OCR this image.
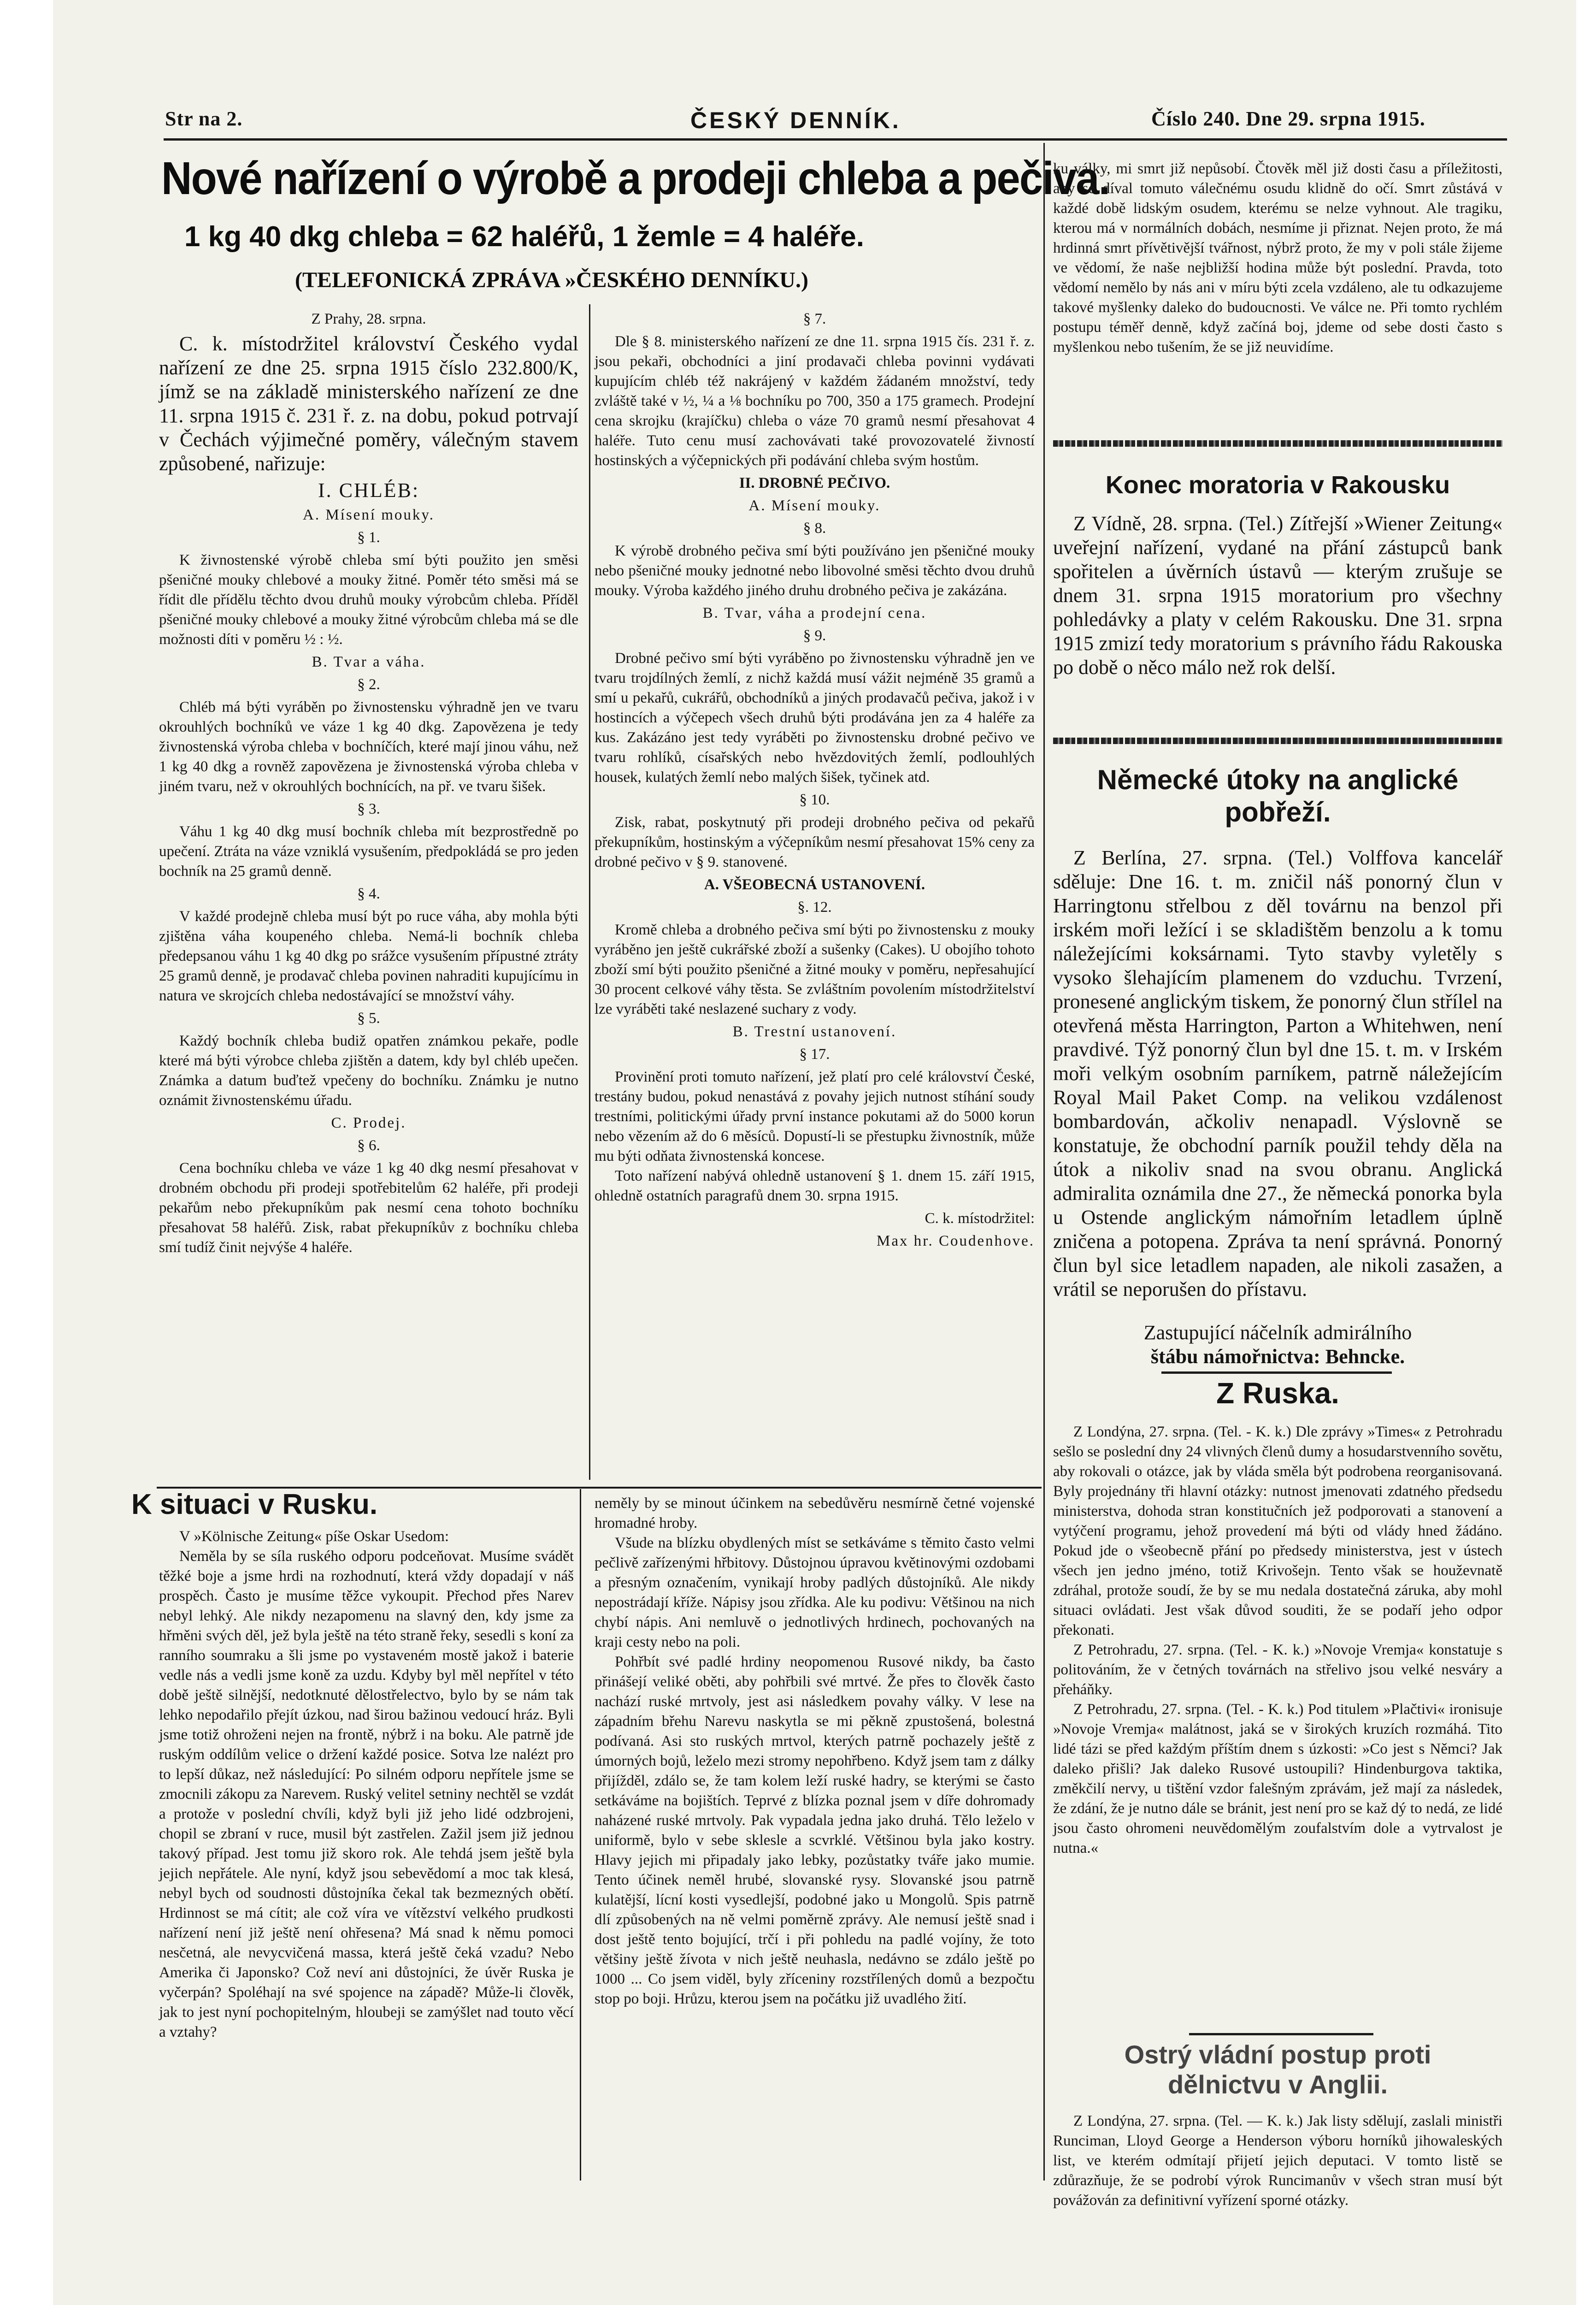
Str na 2.	ČESKÝ DENNÍK.	Číslo 240. Dne 29. srpna 1915.
Nové nařízení o výrobě a prodeji chleba a pečiva.
1 kg 40 dkg chleba = 62 haléřů, 1 žemle = 4 haléře.
(TELEFONICKÁ ZPRÁVA »ČESKÉHO DENNÍKU.)

Z Prahy, 28. srpna.

C. k. místodržitel království Českého vydal nařízení ze dne 25. srpna 1915 číslo 232.800/K, jímž se na základě ministerského nařízení ze dne 11. srpna 1915 č. 231 ř. z. na dobu, pokud potrvají v Čechách výjimečné poměry, válečným stavem způsobené, nařizuje:

I. CHLÉB:

A. Mísení mouky.

§ 1.

K živnostenské výrobě chleba smí býti použito jen směsi pšeničné mouky chlebové a mouky žitné. Poměr této směsi má se řídit dle přídělu těchto dvou druhů mouky výrobcům chleba. Příděl pšeničné mouky chlebové a mouky žitné výrobcům chleba má se dle možnosti díti v poměru ½ : ½.

B. Tvar a váha.

§ 2.

Chléb má býti vyráběn po živnostensku výhradně jen ve tvaru okrouhlých bochníků ve váze 1 kg 40 dkg. Zapovězena je tedy živnostenská výroba chleba v bochníčích, které mají jinou váhu, než 1 kg 40 dkg a rovněž zapovězena je živnostenská výroba chleba v jiném tvaru, než v okrouhlých bochnících, na př. ve tvaru šišek.

§ 3.

Váhu 1 kg 40 dkg musí bochník chleba mít bezprostředně po upečení. Ztráta na váze vzniklá vysušením, předpokládá se pro jeden bochník na 25 gramů denně.

§ 4.

V každé prodejně chleba musí být po ruce váha, aby mohla býti zjištěna váha koupeného chleba. Nemá-li bochník chleba předepsanou váhu 1 kg 40 dkg po srážce vysušením přípustné ztráty 25 gramů denně, je prodavač chleba povinen nahraditi kupujícímu in natura ve skrojcích chleba nedostávající se množství váhy.

§ 5.

Každý bochník chleba budiž opatřen známkou pekaře, podle které má býti výrobce chleba zjištěn a datem, kdy byl chléb upečen. Známka a datum buďtež vpečeny do bochníku. Známku je nutno oznámit živnostenskému úřadu.

C. Prodej.

§ 6.

Cena bochníku chleba ve váze 1 kg 40 dkg nesmí přesahovat v drobném obchodu při prodeji spotřebitelům 62 haléře, při prodeji pekařům nebo překupníkům pak nesmí cena tohoto bochníku přesahovat 58 haléřů. Zisk, rabat překupníkův z bochníku chleba smí tudíž činit nejvýše 4 haléře.

§ 7.

Dle § 8. ministerského nařízení ze dne 11. srpna 1915 čís. 231 ř. z. jsou pekaři, obchodníci a jiní prodavači chleba povinni vydávati kupujícím chléb též nakrájený v každém žádaném množství, tedy zvláště také v ½, ¼ a ⅛ bochníku po 700, 350 a 175 gramech. Prodejní cena skrojku (krajíčku) chleba o váze 70 gramů nesmí přesahovat 4 haléře. Tuto cenu musí zachovávati také provozovatelé živností hostinských a výčepnických při podávání chleba svým hostům.

II. DROBNÉ PEČIVO.

A. Mísení mouky.

§ 8.

K výrobě drobného pečiva smí býti používáno jen pšeničné mouky nebo pšeničné mouky jednotné nebo libovolné směsi těchto dvou druhů mouky. Výroba každého jiného druhu drobného pečiva je zakázána.

B. Tvar, váha a prodejní cena.

§ 9.

Drobné pečivo smí býti vyráběno po živnostensku výhradně jen ve tvaru trojdílných žemlí, z nichž každá musí vážit nejméně 35 gramů a smí u pekařů, cukrářů, obchodníků a jiných prodavačů pečiva, jakož i v hostincích a výčepech všech druhů býti prodávána jen za 4 haléře za kus. Zakázáno jest tedy vyráběti po živnostensku drobné pečivo ve tvaru rohlíků, císařských nebo hvězdovitých žemlí, podlouhlých housek, kulatých žemlí nebo malých šišek, tyčinek atd.

§ 10.

Zisk, rabat, poskytnutý při prodeji drobného pečiva od pekařů překupníkům, hostinským a výčepníkům nesmí přesahovat 15% ceny za drobné pečivo v § 9. stanovené.

A. VŠEOBECNÁ USTANOVENÍ.

§. 12.

Kromě chleba a drobného pečiva smí býti po živnostensku z mouky vyráběno jen ještě cukrářské zboží a sušenky (Cakes). U obojího tohoto zboží smí býti použito pšeničné a žitné mouky v poměru, nepřesahující 30 procent celkové váhy těsta. Se zvláštním povolením místodržitelství lze vyráběti také neslazené suchary z vody.

B. Trestní ustanovení.

§ 17.

Provinění proti tomuto nařízení, jež platí pro celé království České, trestány budou, pokud nenastává z povahy jejich nutnost stíhání soudy trestními, politickými úřady první instance pokutami až do 5000 korun nebo vězením až do 6 měsíců. Dopustí-li se přestupku živnostník, může mu býti odňata živnostenská koncese.

Toto nařízení nabývá ohledně ustanovení § 1. dnem 15. září 1915, ohledně ostatních paragrafů dnem 30. srpna 1915.

C. k. místodržitel:

Max hr. Coudenhove.

K situaci v Rusku.

V »Kölnische Zeitung« píše Oskar Usedom:

Neměla by se síla ruského odporu podceňovat. Musíme svádět těžké boje a jsme hrdi na rozhodnutí, která vždy dopadají v náš prospěch. Často je musíme těžce vykoupit. Přechod přes Narev nebyl lehký. Ale nikdy nezapomenu na slavný den, kdy jsme za hřměni svých děl, jež byla ještě na této straně řeky, sesedli s koní za ranního soumraku a šli jsme po vystaveném mostě jakož i baterie vedle nás a vedli jsme koně za uzdu. Kdyby byl měl nepřítel v této době ještě silnější, nedotknuté dělostřelectvo, bylo by se nám tak lehko nepodařilo přejít úzkou, nad širou bažinou vedoucí hráz. Byli jsme totiž ohroženi nejen na frontě, nýbrž i na boku. Ale patrně jde ruským oddílům velice o držení každé posice. Sotva lze nalézt pro to lepší důkaz, než následující: Po silném odporu nepřítele jsme se zmocnili zákopu za Narevem. Ruský velitel setniny nechtěl se vzdát a protože v poslední chvíli, když byli již jeho lidé odzbrojeni, chopil se zbraní v ruce, musil být zastřelen. Zažil jsem již jednou takový případ. Jest tomu již skoro rok. Ale tehdá jsem ještě byla jejich nepřátele. Ale nyní, když jsou sebevědomí a moc tak klesá, nebyl bych od soudnosti důstojníka čekal tak bezmezných obětí. Hrdinnost se má cítit; ale což víra ve vítězství velkého prudkosti nařízení není již ještě není ohřesena? Má snad k němu pomoci nesčetná, ale nevycvičená massa, která ještě čeká vzadu? Nebo Amerika či Japonsko? Což neví ani důstojníci, že úvěr Ruska je vyčerpán? Spoléhají na své spojence na západě? Může-li člověk, jak to jest nyní pochopitelným, hloubeji se zamýšlet nad touto věcí a vztahy?

neměly by se minout účinkem na sebedůvěru nesmírně četné vojenské hromadné hroby.

Všude na blízku obydlených míst se setkáváme s těmito často velmi pečlivě zařízenými hřbitovy. Důstojnou úpravou květinovými ozdobami a přesným označením, vynikají hroby padlých důstojníků. Ale nikdy nepostrádají kříže. Nápisy jsou zřídka. Ale ku podivu: Většinou na nich chybí nápis. Ani nemluvě o jednotlivých hrdinech, pochovaných na kraji cesty nebo na poli.

Pohřbít své padlé hrdiny neopomenou Rusové nikdy, ba často přinášejí veliké oběti, aby pohřbili své mrtvé. Že přes to člověk často nachází ruské mrtvoly, jest asi následkem povahy války. V lese na západním břehu Narevu naskytla se mi pěkně zpustošená, bolestná podívaná. Asi sto ruských mrtvol, kterých patrně pochazely ještě z úmorných bojů, leželo mezi stromy nepohřbeno. Když jsem tam z dálky přijížděl, zdálo se, že tam kolem leží ruské hadry, se kterými se často setkáváme na bojištích. Teprvé z blízka poznal jsem v díře dohromady naházené ruské mrtvoly. Pak vypadala jedna jako druhá. Tělo leželo v uniformě, bylo v sebe sklesle a scvrklé. Většinou byla jako kostry. Hlavy jejich mi připadaly jako lebky, pozůstatky tváře jako mumie. Tento účinek neměl hrubé, slovanské rysy. Slovanské jsou patrně kulatější, lícní kosti vysedlejší, podobné jako u Mongolů. Spis patrně dlí způsobených na ně velmi poměrně zprávy. Ale nemusí ještě snad i dost ještě tento bojující, trčí i při pohledu na padlé vojíny, že toto většiny ještě žívota v nich ještě neuhasla, nedávno se zdálo ještě po 1000 ... Co jsem viděl, byly zříceniny rozstřílených domů a bezpočtu stop po boji. Hrůzu, kterou jsem na počátku již uvadlého žití.

ku války, mi smrt již nepůsobí. Čtověk měl již dosti času a příležitosti, aby se díval tomuto válečnému osudu klidně do očí. Smrt zůstává v každé době lidským osudem, kterému se nelze vyhnout. Ale tragiku, kterou má v normálních dobách, nesmíme ji přiznat. Nejen proto, že má hrdinná smrt přívětivější tvářnost, nýbrž proto, že my v poli stále žijeme ve vědomí, že naše nejbližší hodina může být poslední. Pravda, toto vědomí nemělo by nás ani v míru býti zcela vzdáleno, ale tu odkazujeme takové myšlenky daleko do budoucnosti. Ve válce ne. Při tomto rychlém postupu téměř denně, když začíná boj, jdeme od sebe dosti často s myšlenkou nebo tušením, že se již neuvidíme.

Konec moratoria v Rakousku

Z Vídně, 28. srpna. (Tel.) Zítřejší »Wiener Zeitung« uveřejní nařízení, vydané na přání zástupců bank spořitelen a úvěrních ústavů — kterým zrušuje se dnem 31. srpna 1915 moratorium pro všechny pohledávky a platy v celém Rakousku. Dne 31. srpna 1915 zmizí tedy moratorium s právního řádu Rakouska po době o něco málo než rok delší.

Německé útoky na anglické
pobřeží.

Z Berlína, 27. srpna. (Tel.) Volffova kancelář sděluje: Dne 16. t. m. zničil náš ponorný člun v Harringtonu střelbou z děl továrnu na benzol při irském moři ležící i se skladištěm benzolu a k tomu náležejícími koksárnami. Tyto stavby vyletěly s vysoko šlehajícím plamenem do vzduchu. Tvrzení, pronesené anglickým tiskem, že ponorný člun střílel na otevřená města Harrington, Parton a Whitehwen, není pravdivé. Týž ponorný člun byl dne 15. t. m. v Irském moři velkým osobním parníkem, patrně náležejícím Royal Mail Paket Comp. na velikou vzdálenost bombardován, ačkoliv nenapadl. Výslovně se konstatuje, že obchodní parník použil tehdy děla na útok a nikoliv snad na svou obranu. Anglická admiralita oznámila dne 27., že německá ponorka byla u Ostende anglickým námořním letadlem úplně zničena a potopena. Zpráva ta není správná. Ponorný člun byl sice letadlem napaden, ale nikoli zasažen, a vrátil se neporušen do přístavu.

Zastupující náčelník admirálního

štábu námořnictva: Behncke.

Z Ruska.

Z Londýna, 27. srpna. (Tel. - K. k.) Dle zprávy »Times« z Petrohradu sešlo se poslední dny 24 vlivných členů dumy a hosudarstvenního sovětu, aby rokovali o otázce, jak by vláda směla být podrobena reorganisovaná. Byly projednány tři hlavní otázky: nutnost jmenovati zdatného předsedu ministerstva, dohoda stran konstitučních jež podporovati a stanovení a vytýčení programu, jehož provedení má býti od vlády hned žádáno. Pokud jde o všeobecně přání po předsedy ministerstva, jest v ústech všech jen jedno jméno, totiž Krivošejn. Tento však se houževnatě zdráhal, protože soudí, že by se mu nedala dostatečná záruka, aby mohl situaci ovládati. Jest však důvod souditi, že se podaří jeho odpor překonati.

Z Petrohradu, 27. srpna. (Tel. - K. k.) »Novoje Vremja« konstatuje s politováním, že v četných továrnách na střelivo jsou velké nesváry a přeháňky.

Z Petrohradu, 27. srpna. (Tel. - K. k.) Pod titulem »Plačtivi« ironisuje »Novoje Vremja« malátnost, jaká se v širokých kruzích rozmáhá. Tito lidé tázi se před každým příštím dnem s úzkosti: »Co jest s Němci? Jak daleko přišli? Jak daleko Rusové ustoupili? Hindenburgova taktika, změkčilí nervy, u tištění vzdor falešným zprávám, jež mají za následek, že zdání, že je nutno dále se bránit, jest není pro se kaž dý to nedá, ze lidé jsou často ohromeni neuvědomělým zoufalstvím dole a vytrvalost je nutna.«

Ostrý vládní postup proti
dělnictvu v Anglii.

Z Londýna, 27. srpna. (Tel. — K. k.) Jak listy sdělují, zaslali ministři Runciman, Lloyd George a Henderson výboru horníků jihowaleských list, ve kterém odmítají přijetí jejich deputaci. V tomto listě se zdůrazňuje, že se podrobí výrok Runcimanův v všech stran musí být povážován za definitivní vyřízení sporné otázky.
